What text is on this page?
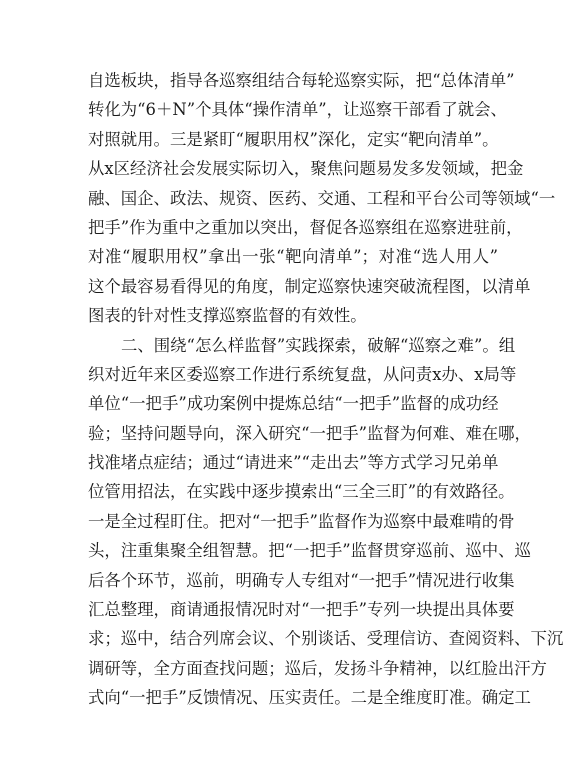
自选板块，指导各巡察组结合每轮巡察实际，把“总体清单”
转化为“6＋N”个具体“操作清单”，让巡察干部看了就会、
对照就用。三是紧盯“履职用权”深化，定实“靶向清单”。
从x区经济社会发展实际切入，聚焦问题易发多发领域，把金
融、国企、政法、规资、医药、交通、工程和平台公司等领域“一
把手”作为重中之重加以突出，督促各巡察组在巡察进驻前，
对准“履职用权”拿出一张“靶向清单”；对准“选人用人”
这个最容易看得见的角度，制定巡察快速突破流程图，以清单
图表的针对性支撑巡察监督的有效性。
二、围绕“怎么样监督”实践探索，破解“巡察之难”。组
织对近年来区委巡察工作进行系统复盘，从问责x办、x局等
单位“一把手”成功案例中提炼总结“一把手”监督的成功经
验；坚持问题导向，深入研究“一把手”监督为何难、难在哪，
找准堵点症结；通过“请进来”“走出去”等方式学习兄弟单
位管用招法，在实践中逐步摸索出“三全三盯”的有效路径。
一是全过程盯住。把对“一把手”监督作为巡察中最难啃的骨
头，注重集聚全组智慧。把“一把手”监督贯穿巡前、巡中、巡
后各个环节，巡前，明确专人专组对“一把手”情况进行收集
汇总整理，商请通报情况时对“一把手”专列一块提出具体要
求；巡中，结合列席会议、个别谈话、受理信访、查阅资料、下沉
调研等，全方面查找问题；巡后，发扬斗争精神，以红脸出汗方
式向“一把手”反馈情况、压实责任。二是全维度盯准。确定工
